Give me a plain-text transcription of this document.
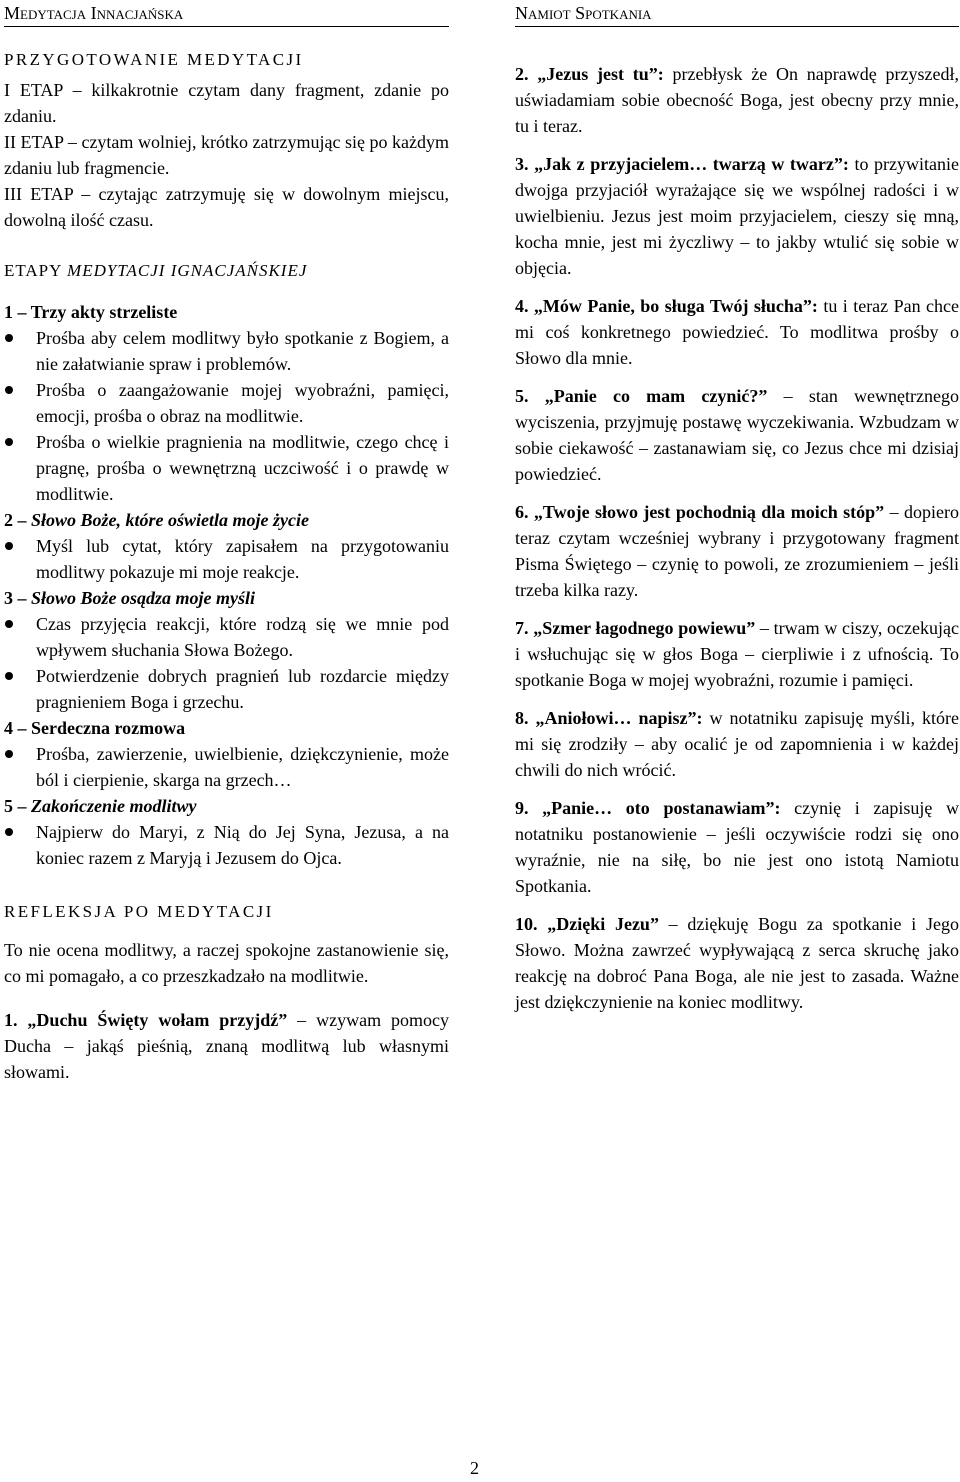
Medytacja Innacjańska
PRZYGOTOWANIE MEDYTACJI

I ETAP – kilkakrotnie czytam dany fragment, zdanie po zdaniu.

II ETAP – czytam wolniej, krótko zatrzymując się po każdym zdaniu lub fragmencie.

III ETAP – czytając zatrzymuję się w dowolnym miejscu, dowolną ilość czasu.

ETAPY MEDYTACJI IGNACJAŃSKIEJ

1 – Trzy akty strzeliste

Prośba aby celem modlitwy było spotkanie z Bogiem, a nie załatwianie spraw i problemów.
Prośba o zaangażowanie mojej wyobraźni, pamięci, emocji, prośba o obraz na modlitwie.
Prośba o wielkie pragnienia na modlitwie, czego chcę i pragnę, prośba o wewnętrzną uczciwość i o prawdę w modlitwie.

2 – Słowo Boże, które oświetla moje życie

Myśl lub cytat, który zapisałem na przygotowaniu modlitwy pokazuje mi moje reakcje.

3 – Słowo Boże osądza moje myśli

Czas przyjęcia reakcji, które rodzą się we mnie pod wpływem słuchania Słowa Bożego.
Potwierdzenie dobrych pragnień lub rozdarcie między pragnieniem Boga i grzechu.

4 – Serdeczna rozmowa

Prośba, zawierzenie, uwielbienie, dziękczynienie, może ból i cierpienie, skarga na grzech…

5 – Zakończenie modlitwy

Najpierw do Maryi, z Nią do Jej Syna, Jezusa, a na koniec razem z Maryją i Jezusem do Ojca.
REFLEKSJA PO MEDYTACJI

To nie ocena modlitwy, a raczej spokojne zastanowienie się, co mi pomagało, a co przeszkadzało na modlitwie.

1. „Duchu Święty wołam przyjdź” – wzywam pomocy Ducha – jakąś pieśnią, znaną modlitwą lub własnymi słowami.

Namiot Spotkania

2. „Jezus jest tu”: przebłysk że On naprawdę przyszedł, uświadamiam sobie obecność Boga, jest obecny przy mnie, tu i teraz.

3. „Jak z przyjacielem… twarzą w twarz”: to przywitanie dwojga przyjaciół wyrażające się we wspólnej radości i w uwielbieniu. Jezus jest moim przyjacielem, cieszy się mną, kocha mnie, jest mi życzliwy – to jakby wtulić się sobie w objęcia.

4. „Mów Panie, bo sługa Twój słucha”: tu i teraz Pan chce mi coś konkretnego powiedzieć. To modlitwa prośby o Słowo dla mnie.

5. „Panie co mam czynić?” – stan wewnętrznego wyciszenia, przyjmuję postawę wyczekiwania. Wzbudzam w sobie ciekawość – zastanawiam się, co Jezus chce mi dzisiaj powiedzieć.

6. „Twoje słowo jest pochodnią dla moich stóp” – dopiero teraz czytam wcześniej wybrany i przygotowany fragment Pisma Świętego – czynię to powoli, ze zrozumieniem – jeśli trzeba kilka razy.

7. „Szmer łagodnego powiewu” – trwam w ciszy, oczekując i wsłuchując się w głos Boga – cierpliwie i z ufnością. To spotkanie Boga w mojej wyobraźni, rozumie i pamięci.

8. „Aniołowi… napisz”: w notatniku zapisuję myśli, które mi się zrodziły – aby ocalić je od zapomnienia i w każdej chwili do nich wrócić.

9. „Panie… oto postanawiam”: czynię i zapisuję w notatniku postanowienie – jeśli oczywiście rodzi się ono wyraźnie, nie na siłę, bo nie jest ono istotą Namiotu Spotkania.

10. „Dzięki Jezu” – dziękuję Bogu za spotkanie i Jego Słowo. Można zawrzeć wypływającą z serca skruchę jako reakcję na dobroć Pana Boga, ale nie jest to zasada. Ważne jest dziękczynienie na koniec modlitwy.

2
